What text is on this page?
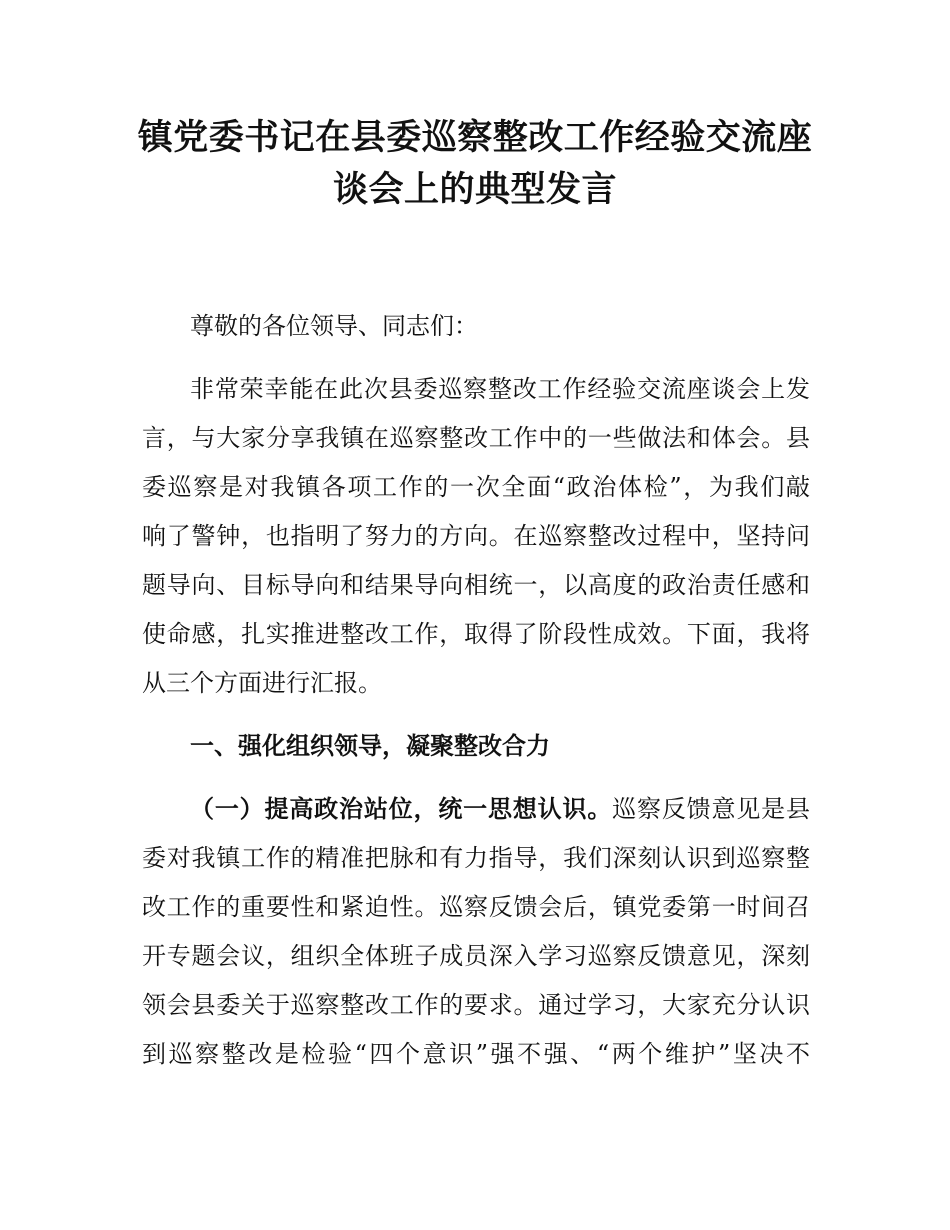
镇党委书记在县委巡察整改工作经验交流座
谈会上的典型发言
尊敬的各位领导、同志们：
非常荣幸能在此次县委巡察整改工作经验交流座谈会上发
言，与大家分享我镇在巡察整改工作中的一些做法和体会。县
委巡察是对我镇各项工作的一次全面“政治体检”，为我们敲
响了警钟，也指明了努力的方向。在巡察整改过程中，坚持问
题导向、目标导向和结果导向相统一，以高度的政治责任感和
使命感，扎实推进整改工作，取得了阶段性成效。下面，我将
从三个方面进行汇报。
一、强化组织领导，凝聚整改合力
（一）提高政治站位，统一思想认识。巡察反馈意见是县
委对我镇工作的精准把脉和有力指导，我们深刻认识到巡察整
改工作的重要性和紧迫性。巡察反馈会后，镇党委第一时间召
开专题会议，组织全体班子成员深入学习巡察反馈意见，深刻
领会县委关于巡察整改工作的要求。通过学习，大家充分认识
到巡察整改是检验“四个意识”强不强、“两个维护”坚决不
